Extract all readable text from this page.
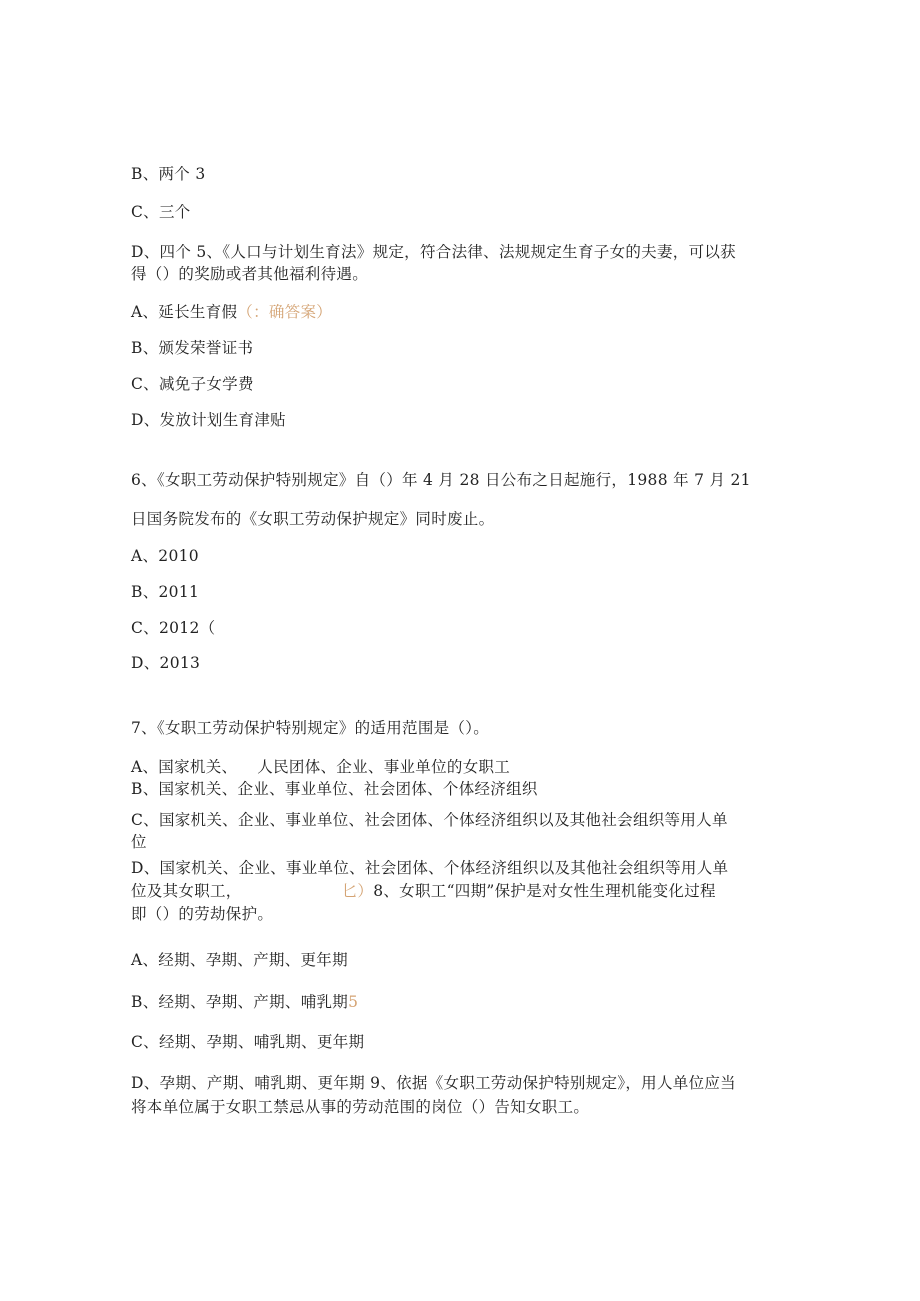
B、两个 3
C、三个
D、四个 5、《人口与计划生育法》规定，符合法律、法规规定生育子女的夫妻，可以获
得（）的奖励或者其他福利待遇。
A、延长生育假（：确答案）
B、颁发荣誉证书
C、减免子女学费
D、发放计划生育津贴
6、《女职工劳动保护特别规定》自（）年 4 月 28 日公布之日起施行，1988 年 7 月 21
日国务院发布的《女职工劳动保护规定》同时废止。
A、2010
B、2011
C、2012（
D、2013
7、《女职工劳动保护特别规定》的适用范围是（）。
A、国家机关、 人民团体、企业、事业单位的女职工
B、国家机关、企业、事业单位、社会团体、个体经济组织
C、国家机关、企业、事业单位、社会团体、个体经济组织以及其他社会组织等用人单
位
D、国家机关、企业、事业单位、社会团体、个体经济组织以及其他社会组织等用人单
位及其女职工，	匕）8、女职工“四期”保护是对女性生理机能变化过程
即（）的劳劫保护。
A、经期、孕期、产期、更年期
B、经期、孕期、产期、哺乳期5
C、经期、孕期、哺乳期、更年期
D、孕期、产期、哺乳期、更年期 9、依据《女职工劳动保护特别规定》，用人单位应当
将本单位属于女职工禁忌从事的劳动范围的岗位（）告知女职工。
